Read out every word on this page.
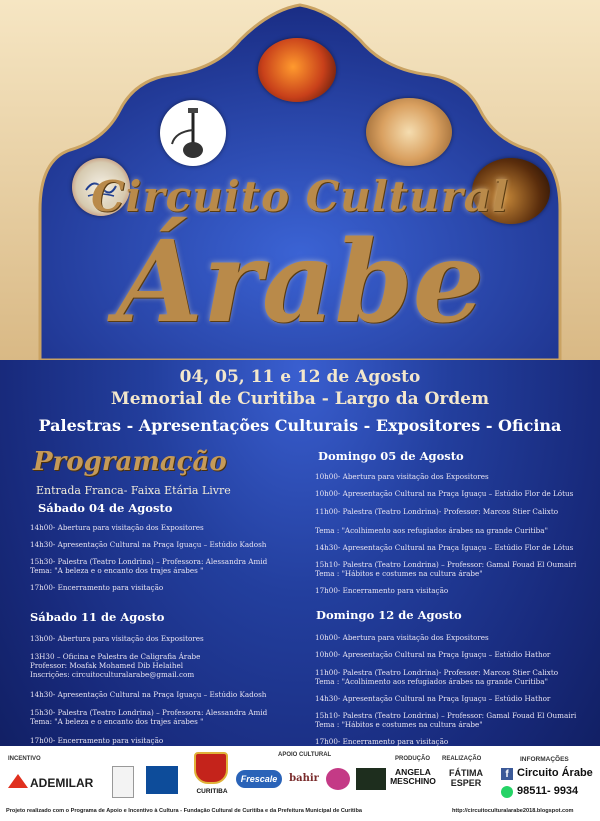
Circuito Cultural
Árabe
04, 05, 11 e 12 de Agosto
Memorial de Curitiba - Largo da Ordem
Palestras - Apresentações Culturais - Expositores - Oficina
Programação
Entrada Franca- Faixa Etária Livre
Sábado 04 de Agosto
14h00- Abertura para visitação dos Expositores
14h30- Apresentação Cultural na Praça Iguaçu – Estúdio Kadosh
15h30- Palestra (Teatro Londrina) – Professora: Alessandra Amid
Tema: "A beleza e o encanto dos trajes árabes "
17h00- Encerramento para visitação
Domingo 05 de Agosto
10h00- Abertura para visitação dos Expositores
10h00- Apresentação Cultural na Praça Iguaçu – Estúdio Flor de Lótus
11h00- Palestra (Teatro Londrina)- Professor: Marcos Stier Calixto
Tema : "Acolhimento aos refugiados árabes na grande Curitiba"
14h30- Apresentação Cultural na Praça Iguaçu – Estúdio Flor de Lótus
15h10- Palestra (Teatro Londrina) – Professor: Gamal Fouad El Oumairi
Tema : "Hábitos e costumes na cultura árabe"
17h00- Encerramento para visitação
Sábado 11 de Agosto
13h00- Abertura para visitação dos Expositores
13H30 – Oficina e Palestra de Caligrafia Árabe
Professor: Moafak Mohamed Dib Helaihel
Inscrições: circuitoculturalarabe@gmail.com
14h30- Apresentação Cultural na Praça Iguaçu – Estúdio Kadosh
15h30- Palestra (Teatro Londrina) – Professora: Alessandra Amid
Tema: "A beleza e o encanto dos trajes árabes "
17h00- Encerramento para visitação
Domingo 12 de Agosto
10h00- Abertura para visitação dos Expositores
10h00- Apresentação Cultural na Praça Iguaçu – Estúdio Hathor
11h00- Palestra (Teatro Londrina)- Professor: Marcos Stier Calixto
Tema : "Acolhimento aos refugiados árabes na grande Curitiba"
14h30- Apresentação Cultural na Praça Iguaçu – Estúdio Hathor
15h10- Palestra (Teatro Londrina) – Professor: Gamal Fouad El Oumairi
Tema : "Hábitos e costumes na cultura árabe"
17h00- Encerramento para visitação
INCENTIVO
APOIO CULTURAL
PRODUÇÃO REALIZAÇÃO	INFORMAÇÕES
ADEMILAR
CURITIBA
Frescale	bahir
ANGELA MESCHINO
FÁTIMA ESPER
f Circuito Árabe
98511- 9934
Projeto realizado com o Programa de Apoio e Incentivo à Cultura - Fundação Cultural de Curitiba e da Prefeitura Municipal de Curitiba	http://circuitoculturalarabe2018.blogspot.com
